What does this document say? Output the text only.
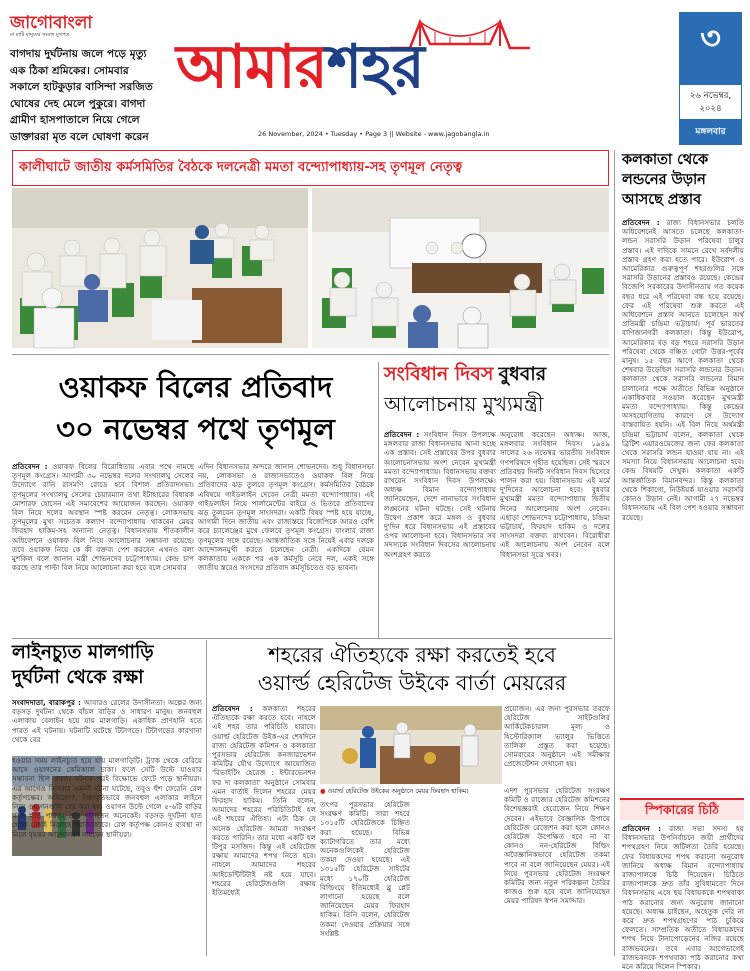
জাগোবাংলা
মা মাটি মানুষের সংবাদ মুখপত্র
বাগদায় দুর্ঘটনায় জলে পড়ে মৃত্যু এক ঠিকা শ্রমিকের। সোমবার সকালে হাটকুড়ার বাসিন্দা সরজিত ঘোষের দেহ মেলে পুকুরে। বাগদা গ্রামীণ হাসপাতালে নিয়ে গেলে ডাক্তাররা মৃত বলে ঘোষণা করেন
আমারশহর
26 November, 2024 • Tuesday • Page 3 || Website - www.jagobangla.in
৩
২৬ নভেম্বর, ২০২৪
মঙ্গলবার
কালীঘাটে জাতীয় কর্মসমিতির বৈঠকে দলনেত্রী মমতা বন্দ্যোপাধ্যায়-সহ তৃণমূল নেতৃত্ব
ওয়াকফ বিলের প্রতিবাদ
৩০ নভেম্বর পথে তৃণমূল
প্রতিবেদন : ওয়াকফ বিলের বিরোধিতায় এবার পথে নামছে তৃণমূল কংগ্রেস। আগামী ৩০ নভেম্বর দলের সংখ্যালঘু সেলের উদ্যোগে রানি রাসমণি রোডে হবে বিশাল প্রতিবাদসভা। তৃণমূলের সংখ্যালঘু সেলের চেয়ারম্যান তথা ইটাহারের বিধায়ক মোশারফ হোসেন এই সমাবেশের আয়োজন করছেন। ওয়াকফ বিল নিয়ে দলের অবস্থান স্পষ্ট করবেন নেতৃত্ব। লোকসভায় তৃণমূলের মুখ্য সচেতক কল্যাণ বন্দ্যোপাধ্যায় থাকবেন মেয়র ফিরহাদ হাকিম-সহ অন্যান্য নেতৃত্ব। বিধানসভায় শীতকালীন অধিবেশনে ওয়াকফ বিল নিয়ে আলোচনার সম্ভাবনা রয়েছে। তবে ওয়াকফ নিয়ে কে কী বক্তব্য পেশ করবেন এখনও বলা মুশকিল বলে জানান মন্ত্রী শোভনদেব চট্টোপাধ্যায়। কেন্দ্র চাপ করছে তার পাল্টা বিল নিয়ে আলোচনা করা হবে বলে সোমবার
এদিন বিধানসভার অন্দরে জানান শোভনদেব। শুধু বিধানসভা নয়, লোকসভা ও রাজ্যসভাতেও ওয়াকফ বিল নিয়ে প্রতিবাদের ঝড় তুলবে তৃণমূল কংগ্রেস। কর্মসমিতির বৈঠকে এবিষয়ে গাইডলাইন দেবেন নেত্রী মমতা বন্দ্যোপাধ্যায়। এই গাইডলাইন নিয়ে পার্লামেন্টের বাইরে ও ভিতরে প্রতিবাদের ঝড় তুলবেন তৃণমূল সাংসদরা। একটি বিষয় স্পষ্ট হয়ে যাচ্ছে, আগামী দিনে জাতীয় এবং রাজ্যস্তরে বিজেপিকে আরও বেশি করে চ্যালেঞ্জের মুখে ফেলবে তৃণমূল কংগ্রেস। বাংলার রাজ্য তৃণমূলের সঙ্গে রয়েছে। আন্তর্জাতিক সঙ্গে নিয়েই এবার দলকে আন্দোলনমুখী করতে চলেছেন নেত্রী। একদিকে যেমন কলকাতায় এককে পর এক কর্মসূচি নেবে দল, একই সঙ্গে জাতীয় স্তরেও সংসদের প্রতিবাদ কর্মসূচিতেও বড় ভাবনা।
সংবিধান দিবস বুধবার
আলোচনায় মুখ্যমন্ত্রী
প্রতিবেদন : সংবিধান দিবস উপলক্ষে মঙ্গলবার রাজ্য বিধানসভায় আনা হচ্ছে এক প্রস্তাব। সেই প্রস্তাবের উপর বুধবার আলোচনাসভায় অংশ নেবেন মুখ্যমন্ত্রী মমতা বন্দ্যোপাধ্যায়। বিধানসভায় বক্তব্য রাখবেন সংবিধান দিবস উপলক্ষে। অধ্যক্ষ বিমান বন্দ্যোপাধ্যায় জানিয়েছেন, দেশে নানাভাবে সংবিধান লঙ্ঘনের ঘটনা ঘটছে। সেই ঘটনায় উদ্বেগ প্রকাশ করে মঙ্গল ও বুধবার দু'দিন ধরে বিধানসভায় এই প্রস্তাবের ওপর আলোচনা হবে। বিধানসভার সব সদস্যকে সংবিধান দিবসের আলোচনায় অংশগ্রহণ করতে
অনুরোধ করেছেন অধ্যক্ষ। আজ, মঙ্গলবার সংবিধান দিবস। ১৯৪৯ সালের ২৬ নভেম্বর ভারতীয় সংবিধান গণপরিষদে গৃহীত হয়েছিল। সেই স্মরণে প্রতিবছর দিনটি সংবিধান দিবস হিসেবে পালন করা হয়। বিধানসভায় এই মর্মে দু'দিনের আলোচনা হবে। বুধবার মুখ্যমন্ত্রী মমতা বন্দ্যোপাধ্যায় দ্বিতীয় দিনের আলোচনায় অংশ নেবেন। এছাড়া শোভনদেব চট্টোপাধ্যায়, চন্দ্রিমা ভট্টাচার্য, ফিরহাদ হাকিম ও দলের সাংসদরা বক্তব্য রাখবেন। বিরোধীরা এই আলোচনায় অংশ নেবেন বলে বিধানসভা সূত্রে খবর।
কলকাতা থেকে লন্ডনের উড়ান আসছে প্রস্তাব
প্রতিবেদন : রাজ্য বিধানসভার চলতি অধিবেশনেই আসতে চলেছে কলকাতা-লন্ডন সরাসরি উড়ান পরিষেবা চালুর প্রস্তাব। এই দাবিকে সামনে রেখে সর্বদলীয় প্রস্তাব গ্রহণ করা হতে পারে। ইউরোপ ও আমেরিকার গুরুত্বপূর্ণ শহরগুলির সঙ্গে সরাসরি উড়ানের প্রস্তাবও রয়েছে। কেন্দ্রের বিজেপি সরকারের উদাসীনতায় গত কয়েক বছর ধরে এই পরিষেবা বন্ধ হয়ে রয়েছে। ফের এই পরিষেবা শুরু করতে এই অধিবেশনে প্রস্তাব আনতে চলেছেন অর্থ প্রতিমন্ত্রী চন্দ্রিমা ভট্টাচার্য। পূর্ব ভারতের বাণিজ্যনগরী কলকাতা। কিন্তু ইউরোপ, আমেরিকার বড় বড় শহরে সরাসরি উড়ান পরিষেবা থেকে বঞ্চিত গোটা উত্তর-পূর্বের মানুষ। ১৫ বছর আগে কলকাতা থেকে শেষবার উড়েছিল সরাসরি লন্ডনের উড়ান। কলকাতা থেকে সরাসরি লন্ডনের বিমান চালানোর পক্ষে অতীতে বিভিন্ন অনুষ্ঠানে একাধিকবার সওয়াল করেছেন মুখ্যমন্ত্রী মমতা বন্দ্যোপাধ্যায়। কিন্তু কেন্দ্রের অসহযোগিতায় কারণে সে উদ্যোগ বাস্তবায়িত হয়নি। এই বিল নিয়ে অর্থমন্ত্রী চন্দ্রিমা ভট্টাচার্য বলেন, কলকাতা থেকে ব্রিটিশ এয়ারওয়েজের জন্য ফের কলকাতা থেকে সরাসরি লন্ডন যাওয়া যায় না। এই সমস্যা নিয়ে বিধানসভায় আলোচনা হবে। কেন্দ্র বিষয়টি দেখুক। কলকাতা একটি আন্তর্জাতিক বিমানবন্দর। কিন্তু কলকাতা থেকে শিকাগো, নিউইয়র্ক যাওয়ার সরাসরি কোনও উড়ান নেই। আগামী ২৭ নভেম্বর বিধানসভায় এই বিল পেশ হওয়ার সম্ভাবনা রয়েছে।
স্পিকারের চিঠি
প্রতিবেদন : রাজ্য সভা সদস্য হয় বিধানসভার উপনির্বাচনে জয়ী প্রার্থীদের শপথগ্রহণ নিয়ে জটিলতা তৈরি হয়েছে। ফের বিধায়কদের শপথ করানো অনুরোধ জানিয়ে অধ্যক্ষ বিমান বন্দ্যোপাধ্যায় রাজ্যপালকে চিঠি দিয়েছেন। চিঠিতে রাজ্যপালকে দ্রুত তাঁর সুবিধামতো দিনে বিধানসভায় এসে ছয় বিধায়ককে শপথবাক্য পাঠ করানোর জন্য অনুরোধ জানানো হয়েছে। অধ্যক্ষ চাইছেন, অহেতুক দেরি না করে দ্রুত শপথগ্রহণের পাঠ চুকিয়ে ফেলতে। সাম্প্রতিক অতীতে বিধায়কদের শপথ নিয়ে টানাপোড়েনের নজির রয়েছে রাজভবনের। তবে এবার আগেভাগেই রাজভবনকে শপথবাক্য পাঠ করানোর কথা মনে করিয়ে দিলেন স্পিকার।
লাইনচ্যুত মালগাড়ি
দুর্ঘটনা থেকে রক্ষা
সংবাদদাতা, বারাকপুর : আবারও রেলের উদাসীনতা। অল্পের জন্য বড়সড় দুর্ঘটনা থেকে বাঁচল বাড়ির ও সাধারণ মানুষ। জনবহুল এলাকায় বেলাইন হয়ে যায় মালগাড়ি। একাধিক প্রাণহানি হতে পারত এই ঘটনায়। ঘটনাটি ঘটেছে টিটাগড়ে। টিটাগড়ের কারখানা থেকে বের
হওয়ার সময় লাইনচ্যুত হয়ে যায় মালগাড়িটি। ট্র্যাক থেকে বেরিয়ে আসে ওয়াগনের কেমিক্যাল চাকা। ফলে সেটি উল্টে যাওয়ার সম্ভাবনা ছিল প্রবল। ঘটনার পরই বিক্ষোভে ফেটে পড়ে স্থানীয়রা। এর আগেও তিনবার এমনই ঘটনা ঘটেছে, তবুও হুঁশ ফেরেনি রেল কর্তৃপক্ষের। অভিযোগ, ইচ্ছাকৃতভাবে জনবহুল এলাকার লাইনে নিয়ে ওয়াগনগুলি বের করা হয়। ওয়াগন উল্টে গেলে ৫-৬টি বাড়ির ক্ষতি হতে পারত। প্রাণ হারাতেন অনেকেই। বড়সড় দুর্ঘটনা হাত থেকে রেহাই মিলেছে বরাতজোরে। রেল কর্তৃপক্ষ কোনও ব্যবস্থা না নিলে বৃহত্তর আন্দোলনে নামবেন স্থানীয়রা।
শহরের ঐতিহ্যকে রক্ষা করতেই হবে
ওয়ার্ল্ড হেরিটেজ উইকে বার্তা মেয়রের
প্রতিবেদন : কলকাতা শহরের ঐতিহ্যকে রক্ষা করতে হবে। নাহলে এই শহর তার পরিচিতি হারাবে। ওয়ার্ল্ড হেরিটেজ উইক-এর শেষদিনে রাজ্য হেরিটেজ কমিশন ও কলকাতা পুরসভার হেরিটেজ কনজারভেশন কমিটির যৌথ উদ্যোগে আয়োজিত 'রিভাইটিং হেরেজ : ইন্টারভেনশন ফর দ্য কলকাতা' অনুষ্ঠানে সোমবার এমন বার্তাই দিলেন শহরের মেয়র ফিরহাদ হাকিম। তিনি বলেন, আমাদের শহরের পরিচিতিটাই হল এই শহরের ঐতিহ্য। এটা ঠিক যে অনেক হেরিটেজ আমরা সংরক্ষণ করতে পারিনি। তার মধ্যে একটি হল টিপুর মসজিদ। কিন্তু এই হেরিটেজ রক্ষায় আমাদের শপথ নিতে হবে। নাহলে আমাদের শহরের আইডেন্টিটিটাই নষ্ট হয়ে যাবে। শহরের হেরিটেজগুলি রক্ষায় ইতিমধ্যেই
● ওয়ার্ল্ড হেরিটেজ উইকের অনুষ্ঠানে মেয়র ফিরহাদ হাকিম।
তৎপর পুরসভার হেরিটেজ সংরক্ষণ কমিটি। সারা শহরে ১৩১৫টি হেরিটেজকে চিহ্নিত করা হয়েছে। বিভিন্ন ক্যাটাগরিতে তার মধ্যে অনেকগুলিকেই হেরিটেজ তকমা দেওয়া হয়েছে। এই ১৩১৫টি হেরিটেজ সাইটের মধ্যে ১৭০টি হেরিটেজ বিল্ডিংয়ে ইতিমধ্যেই ব্লু প্লেট লাগানো হয়েছে বলে জানিয়েছেন মেয়র ফিরহাদ হাকিম। তিনি বলেন, হেরিটেজ তকমা দেওয়ার প্রক্রিয়ার সঙ্গে সংশ্লিষ্ট
এদশ পুরসভার হেরিটেজ সংরক্ষণ কমিটি ও রাজ্যের হেরিটেজ কমিশনের বিশেষজ্ঞরাই হেরেজেন নিয়ে শিক্ষণ দেবেন। এইভাবে বৈজ্ঞানিক উপায়ে হেরিটেজ রেজেশন করা হলে কোনও হেরিটেজ উপেক্ষিত হবে না বা কোনও নন-হেরিটেজ বিল্ডিং অবৈজ্ঞানিকভাবে হেরিটেজ তকমা পাবে না বলে জানিয়েছেন মেয়র। এই নিয়ে পুরসভার হেরিটেজ সংরক্ষণ কমিটির জন্য নতুন পরিকল্পনা তৈরির কাজও শুরু হবে বলে জানিয়েছেন মেয়র পারিষদ স্বপন সমাদ্দার।
প্রয়োজন। এর জন্য পুরসভার তরফে হেরিটেজ সাইটগুলির আর্কিটেকচারাল মূল্য ও হিস্টোরিক্যাল ভ্যালুর ভিত্তিতে তালিকা প্রস্তুত করা হয়েছে। সোমবারের অনুষ্ঠানে এই সমীক্ষার প্রেজেন্টেশন দেখানো হয়।
